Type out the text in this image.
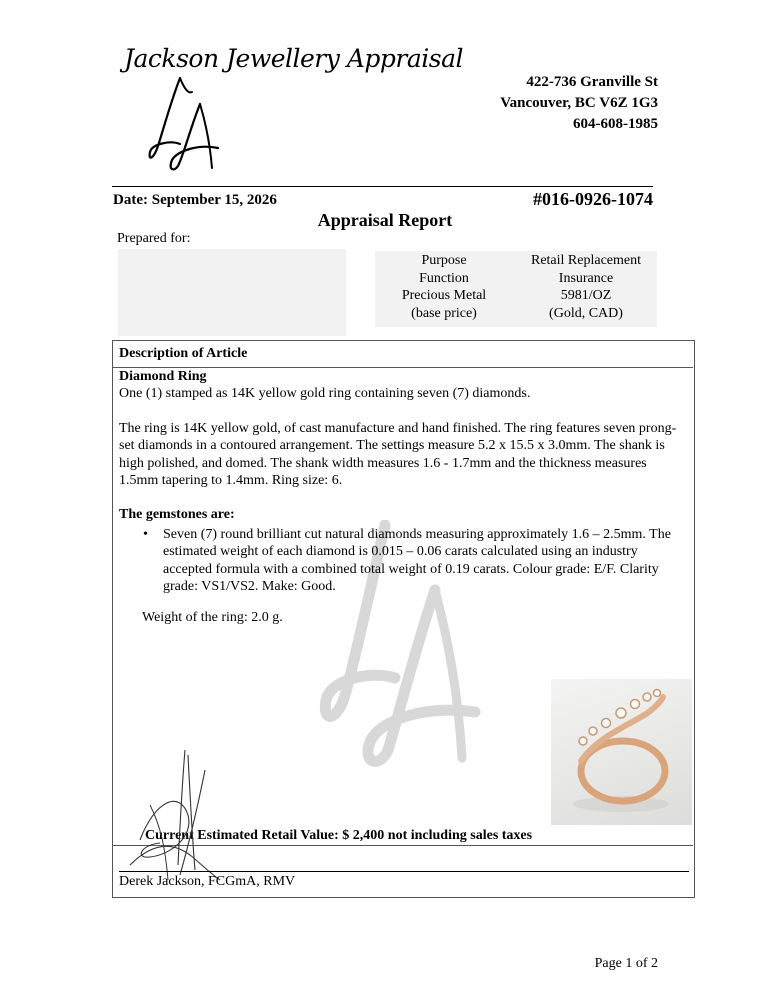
Jackson Jewellery Appraisal
422-736 Granville St
Vancouver, BC V6Z 1G3
604-608-1985
Date: September 15, 2026	#016-0926-1074
Appraisal Report
Prepared for:
Purpose
Function
Precious Metal
(base price)
Retail Replacement
Insurance
5981/OZ
(Gold, CAD)
Description of Article

Diamond Ring

One (1) stamped as 14K yellow gold ring containing seven (7) diamonds.

The ring is 14K yellow gold, of cast manufacture and hand finished. The ring features seven prong-set diamonds in a contoured arrangement. The settings measure 5.2 x 15.5 x 3.0mm. The shank is high polished, and domed. The shank width measures 1.6 - 1.7mm and the thickness measures 1.5mm tapering to 1.4mm. Ring size: 6.

The gemstones are:

• Seven (7) round brilliant cut natural diamonds measuring approximately 1.6 – 2.5mm. The estimated weight of each diamond is 0.015 – 0.06 carats calculated using an industry accepted formula with a combined total weight of 0.19 carats. Colour grade: E/F. Clarity grade: VS1/VS2. Make: Good.

Weight of the ring: 2.0 g.

Current Estimated Retail Value: $ 2,400 not including sales taxes
Derek Jackson, FCGmA, RMV
Page 1 of 2
